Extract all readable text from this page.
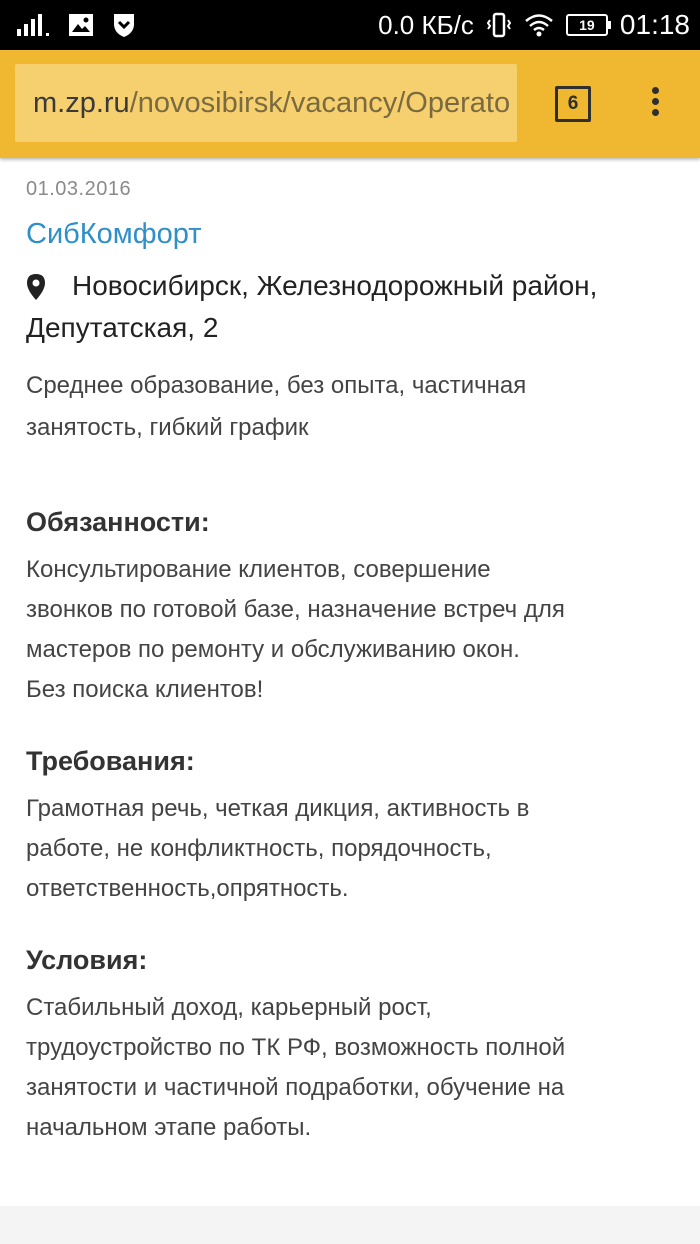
0.0 КБ/с	19 01:18
m.zp.ru /novosibirsk/vacancy/Operato	6
01.03.2016
СибКомфорт
Новосибирск, Железнодорожный район,
Депутатская, 2
Среднее образование, без опыта, частичная
занятость, гибкий график
Обязанности:
Консультирование клиентов, совершение
звонков по готовой базе, назначение встреч для
мастеров по ремонту и обслуживанию окон.
Без поиска клиентов!
Требования:
Грамотная речь, четкая дикция, активность в
работе, не конфликтность, порядочность,
ответственность,опрятность.
Условия:
Стабильный доход, карьерный рост,
трудоустройство по ТК РФ, возможность полной
занятости и частичной подработки, обучение на
начальном этапе работы.
